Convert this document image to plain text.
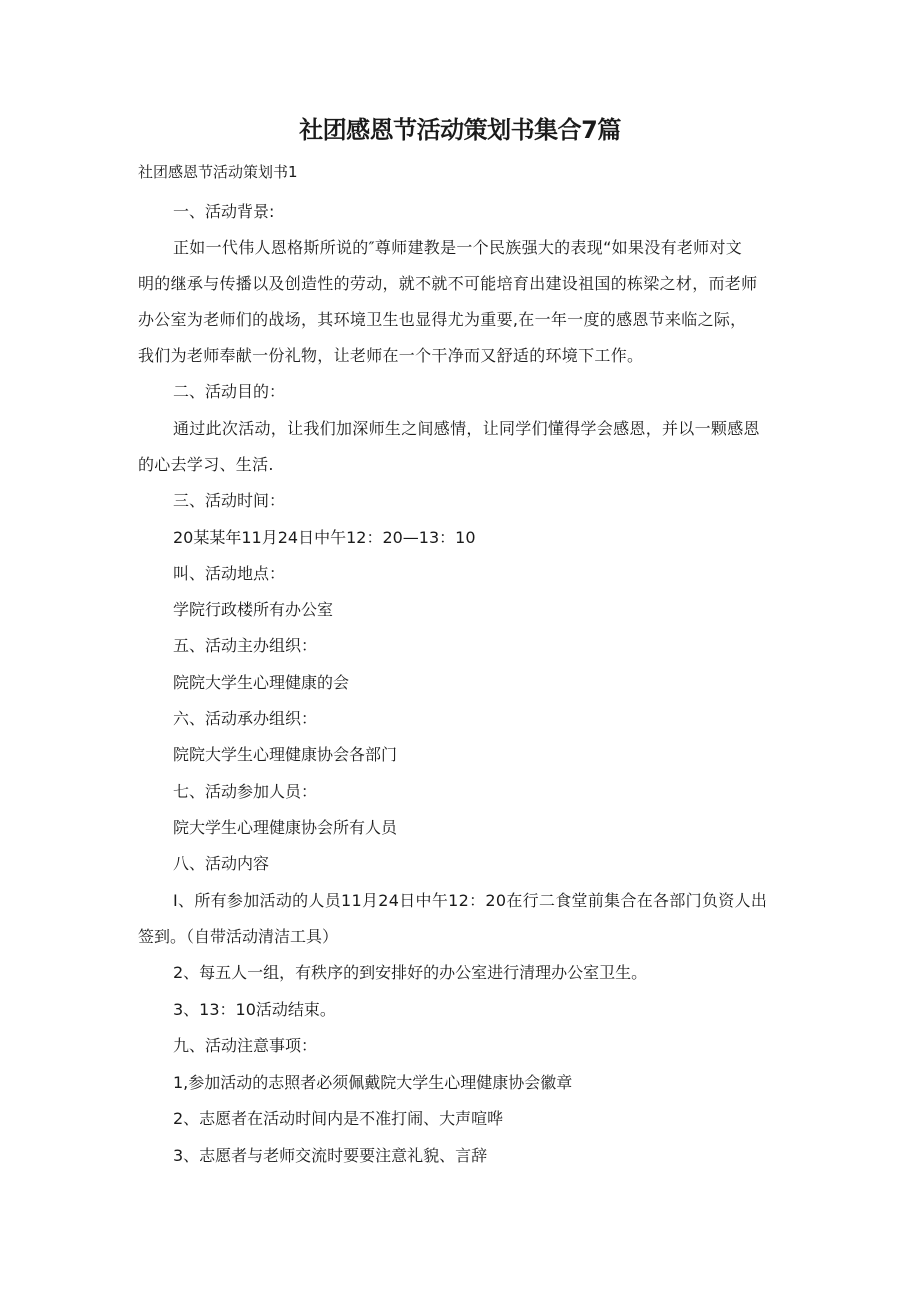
社团感恩节活动策划书集合7篇

社团感恩节活动策划书1

一、活动背景:

正如一代伟人恩格斯所说的″尊师建教是一个民族强大的表现“如果没有老师对文

明的继承与传播以及创造性的劳动，就不就不可能培育出建设祖国的栋梁之材，而老师

办公室为老师们的战场，其环境卫生也显得尤为重要,在一年一度的感恩节来临之际，

我们为老师奉献一份礼物，让老师在一个干净而又舒适的环境下工作。

二、活动目的：

通过此次活动，让我们加深师生之间感情，让同学们懂得学会感恩，并以一颗感恩

的心去学习、生活.

三、活动时间：

20某某年11月24日中午12：20—13：10

叫、活动地点：

学院行政楼所有办公室

五、活动主办组织：

院院大学生心理健康的会

六、活动承办组织：

院院大学生心理健康协会各部门

七、活动参加人员：

院大学生心理健康协会所有人员

八、活动内容

I、所有参加活动的人员11月24日中午12：20在行二食堂前集合在各部门负资人出

签到。（自带活动清洁工具）

2、每五人一组，有秩序的到安排好的办公室进行清理办公室卫生。

3、13：10活动结束。

九、活动注意事项：

1,参加活动的志照者必须佩戴院大学生心理健康协会徽章

2、志愿者在活动时间内是不准打闹、大声喧哗

3、志愿者与老师交流时要要注意礼貌、言辞
